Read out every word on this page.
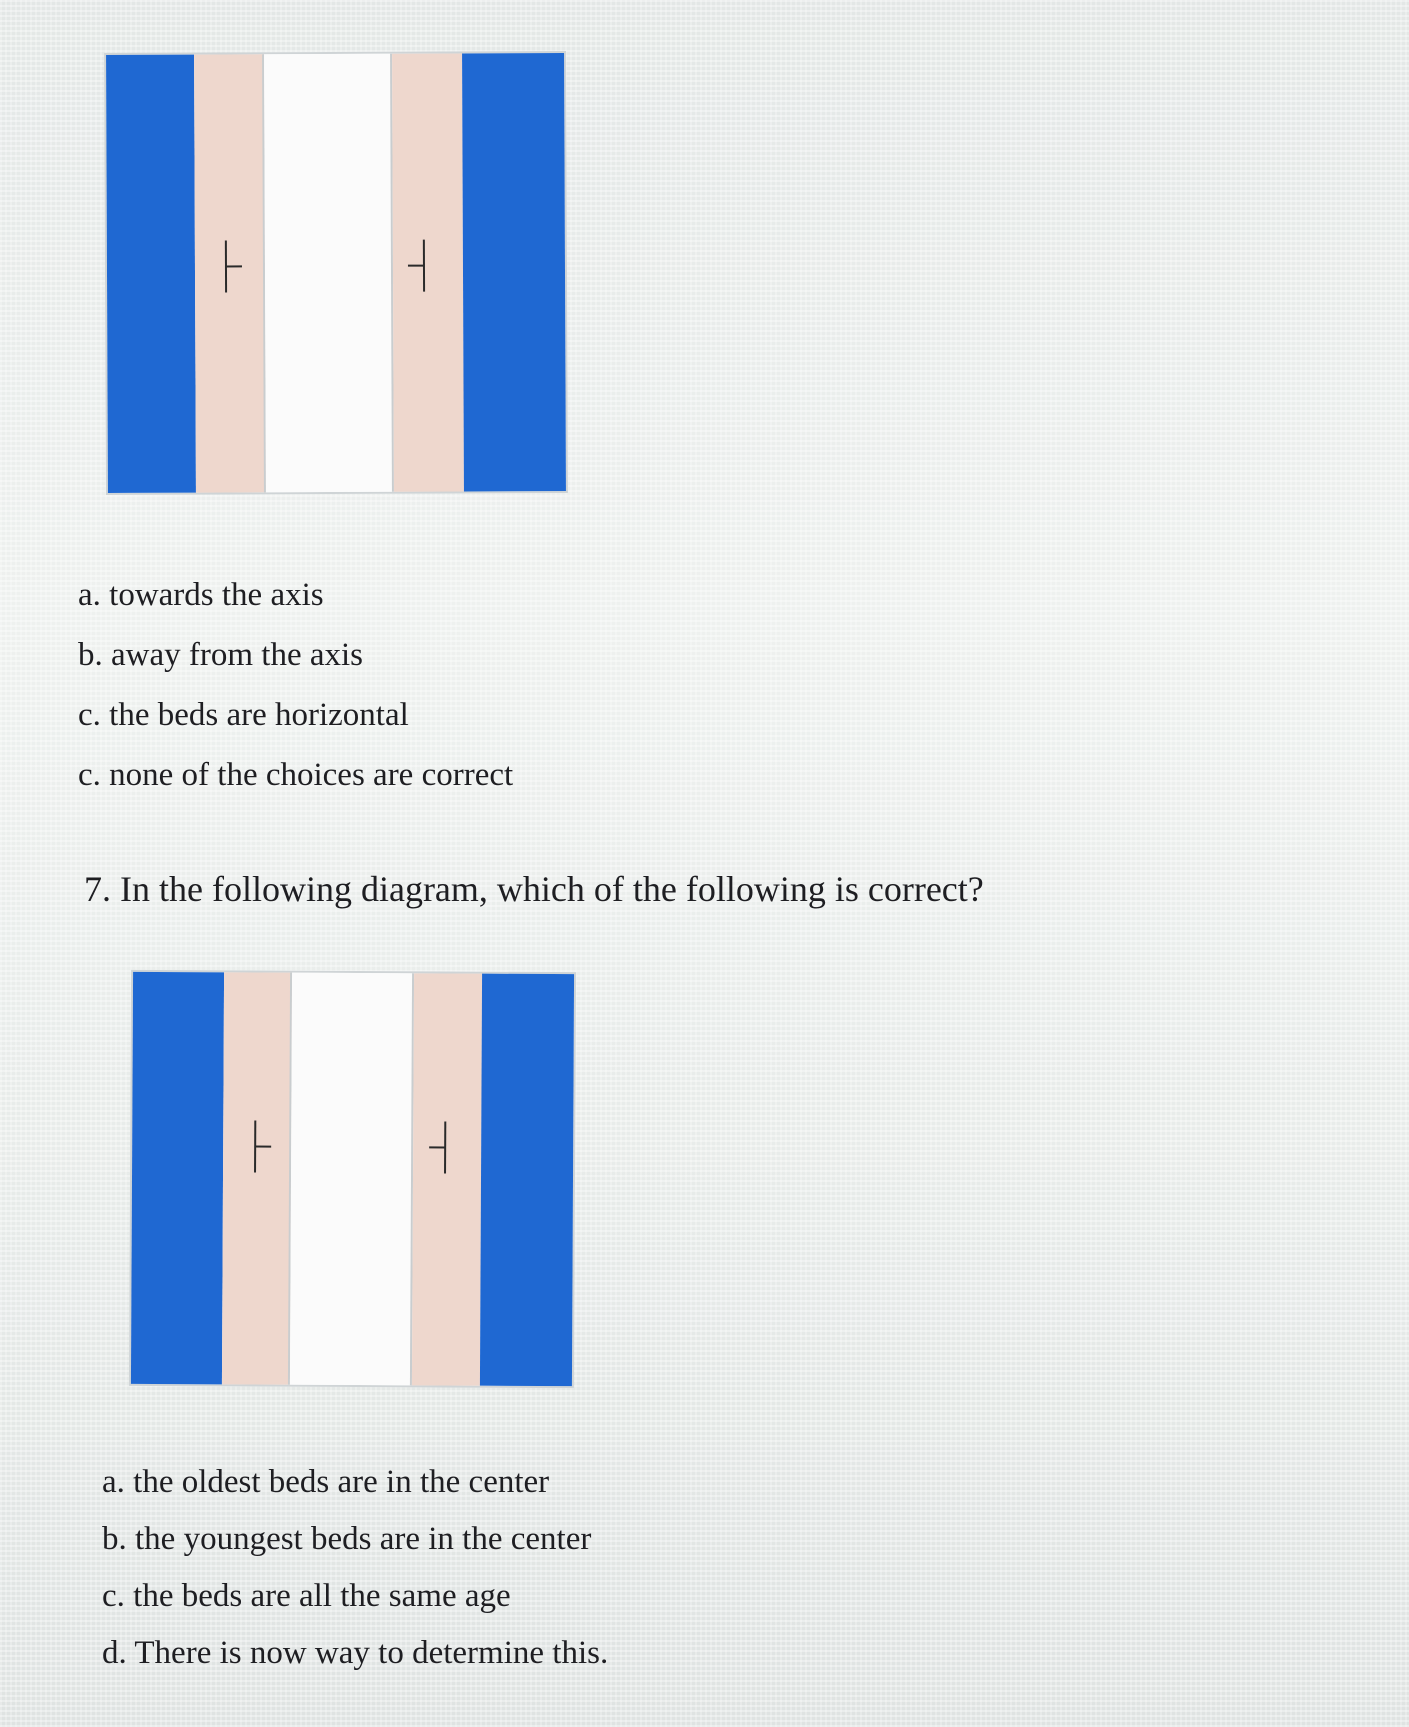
a. towards the axis
b. away from the axis
c. the beds are horizontal
c. none of the choices are correct
7. In the following diagram, which of the following is correct?
a. the oldest beds are in the center
b. the youngest beds are in the center
c. the beds are all the same age
d. There is now way to determine this.
